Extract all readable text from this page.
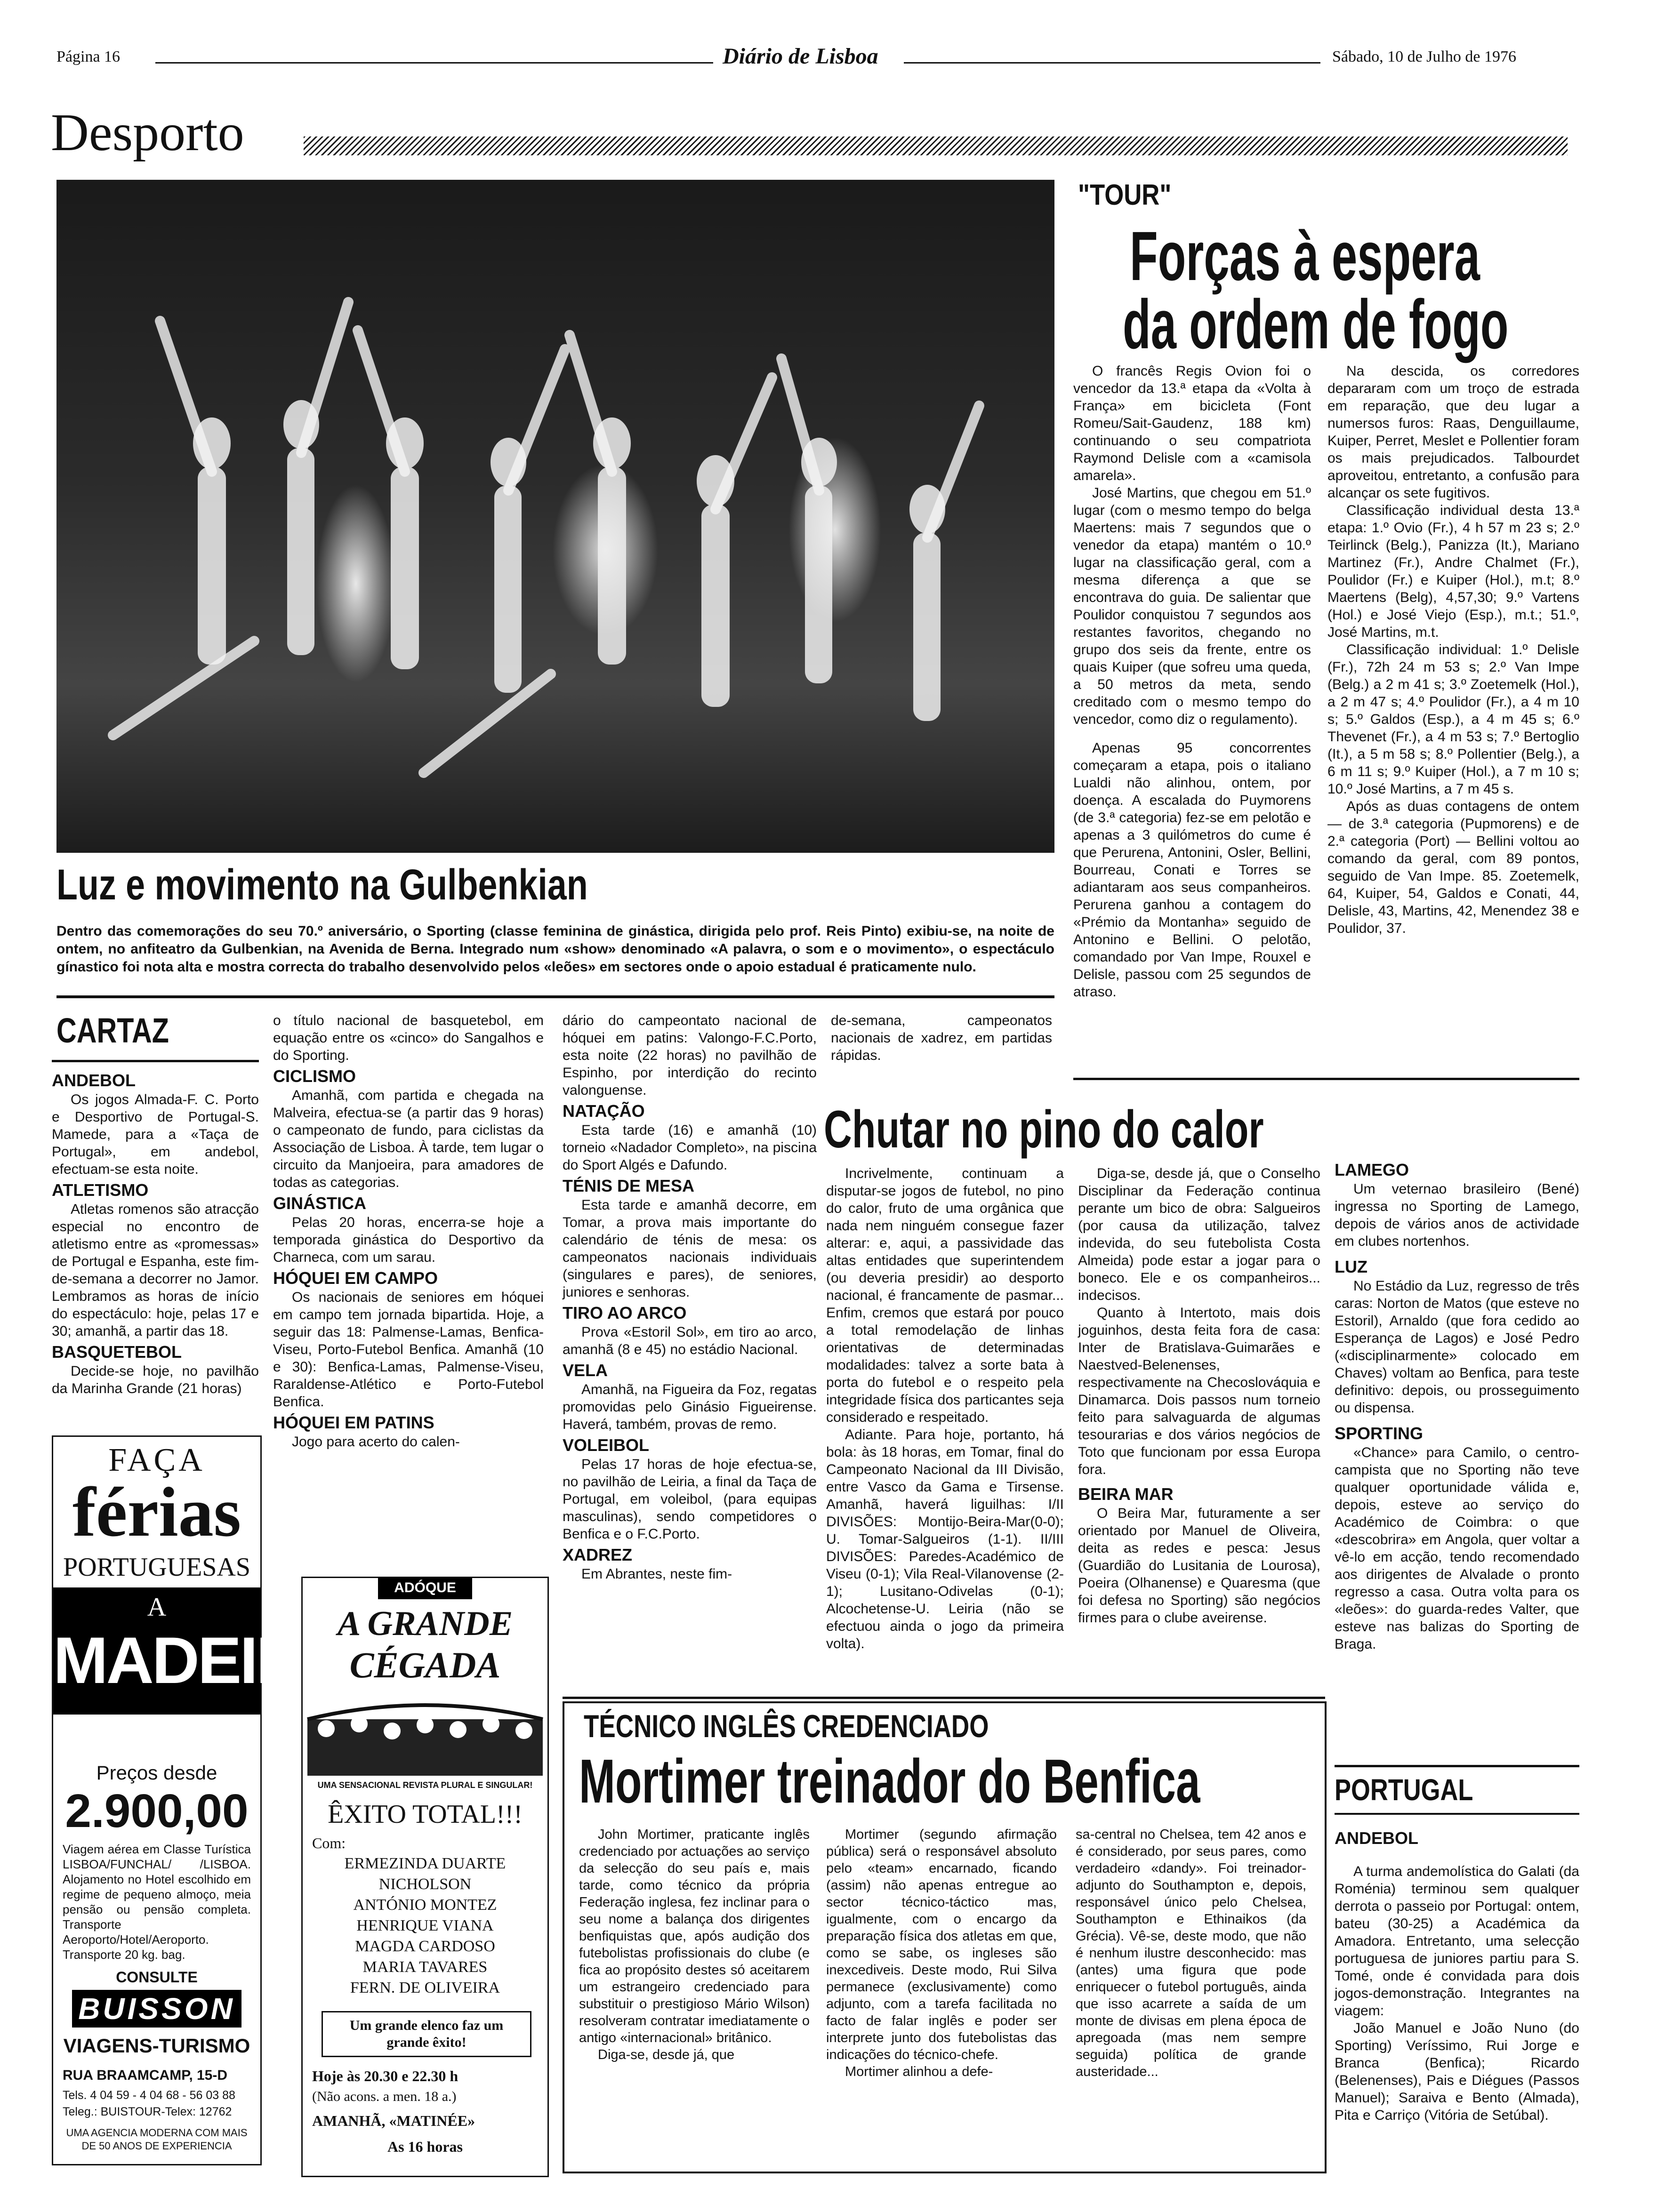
Página 16	Diário de Lisboa	Sábado, 10 de Julho de 1976
Desporto
Luz e movimento na Gulbenkian
Dentro das comemorações do seu 70.º aniversário, o Sporting (classe feminina de ginástica, dirigida pelo prof. Reis Pinto) exibiu-se, na noite de ontem, no anfiteatro da Gulbenkian, na Avenida de Berna. Integrado num «show» denominado «A palavra, o som e o movimento», o espectáculo gínastico foi nota alta e mostra correcta do trabalho desenvolvido pelos «leões» em sectores onde o apoio estadual é praticamente nulo.
"TOUR"
Forças à espera
da ordem de fogo

O francês Regis Ovion foi o vencedor da 13.ª etapa da «Volta à França» em bicicleta (Font Romeu/Sait-Gaudenz, 188 km) continuando o seu compatriota Raymond Delisle com a «camisola amarela».

José Martins, que chegou em 51.º lugar (com o mesmo tempo do belga Maertens: mais 7 segundos que o venedor da etapa) mantém o 10.º lugar na classificação geral, com a mesma diferença a que se encontrava do guia. De salientar que Poulidor conquistou 7 segundos aos restantes favoritos, chegando no grupo dos seis da frente, entre os quais Kuiper (que sofreu uma queda, a 50 metros da meta, sendo creditado com o mesmo tempo do vencedor, como diz o regulamento).

Apenas 95 concorrentes começaram a etapa, pois o italiano Lualdi não alinhou, ontem, por doença. A escalada do Puymorens (de 3.ª categoria) fez-se em pelotão e apenas a 3 quilómetros do cume é que Perurena, Antonini, Osler, Bellini, Bourreau, Conati e Torres se adiantaram aos seus companheiros. Perurena ganhou a contagem do «Prémio da Montanha» seguido de Antonino e Bellini. O pelotão, comandado por Van Impe, Rouxel e Delisle, passou com 25 segundos de atraso.

Na descida, os corredores depararam com um troço de estrada em reparação, que deu lugar a numersos furos: Raas, Denguillaume, Kuiper, Perret, Meslet e Pollentier foram os mais prejudicados. Talbourdet aproveitou, entretanto, a confusão para alcançar os sete fugitivos.

Classificação individual desta 13.ª etapa: 1.º Ovio (Fr.), 4 h 57 m 23 s; 2.º Teirlinck (Belg.), Panizza (It.), Mariano Martinez (Fr.), Andre Chalmet (Fr.), Poulidor (Fr.) e Kuiper (Hol.), m.t; 8.º Maertens (Belg), 4,57,30; 9.º Vartens (Hol.) e José Viejo (Esp.), m.t.; 51.º, José Martins, m.t.

Classificação individual: 1.º Delisle (Fr.), 72h 24 m 53 s; 2.º Van Impe (Belg.) a 2 m 41 s; 3.º Zoetemelk (Hol.), a 2 m 47 s; 4.º Poulidor (Fr.), a 4 m 10 s; 5.º Galdos (Esp.), a 4 m 45 s; 6.º Thevenet (Fr.), a 4 m 53 s; 7.º Bertoglio (It.), a 5 m 58 s; 8.º Pollentier (Belg.), a 6 m 11 s; 9.º Kuiper (Hol.), a 7 m 10 s; 10.º José Martins, a 7 m 45 s.

Após as duas contagens de ontem — de 3.ª categoria (Pupmorens) e de 2.ª categoria (Port) — Bellini voltou ao comando da geral, com 89 pontos, seguido de Van Impe. 85. Zoetemelk, 64, Kuiper, 54, Galdos e Conati, 44, Delisle, 43, Martins, 42, Menendez 38 e Poulidor, 37.

CARTAZ
ANDEBOL

Os jogos Almada-F. C. Porto e Desportivo de Portugal-S. Mamede, para a «Taça de Portugal», em andebol, efectuam-se esta noite.

ATLETISMO

Atletas romenos são atracção especial no encontro de atletismo entre as «promessas» de Portugal e Espanha, este fim-de-semana a decorrer no Jamor. Lembramos as horas de início do espectáculo: hoje, pelas 17 e 30; amanhã, a partir das 18.

BASQUETEBOL

Decide-se hoje, no pavilhão da Marinha Grande (21 horas)

o título nacional de basquetebol, em equação entre os «cinco» do Sangalhos e do Sporting.

CICLISMO

Amanhã, com partida e chegada na Malveira, efectua-se (a partir das 9 horas) o campeonato de fundo, para ciclistas da Associação de Lisboa. À tarde, tem lugar o circuito da Manjoeira, para amadores de todas as categorias.

GINÁSTICA

Pelas 20 horas, encerra-se hoje a temporada ginástica do Desportivo da Charneca, com um sarau.

HÓQUEI EM CAMPO

Os nacionais de seniores em hóquei em campo tem jornada bipartida. Hoje, a seguir das 18: Palmense-Lamas, Benfica-Viseu, Porto-Futebol Benfica. Amanhã (10 e 30): Benfica-Lamas, Palmense-Viseu, Raraldense-Atlético e Porto-Futebol Benfica.

HÓQUEI EM PATINS

Jogo para acerto do calen-

dário do campeontato nacional de hóquei em patins: Valongo-F.C.Porto, esta noite (22 horas) no pavilhão de Espinho, por interdição do recinto valonguense.

NATAÇÃO

Esta tarde (16) e amanhã (10) torneio «Nadador Completo», na piscina do Sport Algés e Dafundo.

TÉNIS DE MESA

Esta tarde e amanhã decorre, em Tomar, a prova mais importante do calendário de ténis de mesa: os campeonatos nacionais individuais (singulares e pares), de seniores, juniores e senhoras.

TIRO AO ARCO

Prova «Estoril Sol», em tiro ao arco, amanhã (8 e 45) no estádio Nacional.

VELA

Amanhã, na Figueira da Foz, regatas promovidas pelo Ginásio Figueirense. Haverá, também, provas de remo.

VOLEIBOL

Pelas 17 horas de hoje efectua-se, no pavilhão de Leiria, a final da Taça de Portugal, em voleibol, (para equipas masculinas), sendo competidores o Benfica e o F.C.Porto.

XADREZ

Em Abrantes, neste fim-

de-semana, campeonatos nacionais de xadrez, em partidas rápidas.

FAÇA
férias
PORTUGUESAS
A
MADEIRA
Preços desde
2.900,00
Viagem aérea em Classe Turística LISBOA/FUNCHAL/ /LISBOA. Alojamento no Hotel escolhido em regime de pequeno almoço, meia pensão ou pensão completa. Transporte Aeroporto/Hotel/Aeroporto. Transporte 20 kg. bag.
CONSULTE
BUISSON
VIAGENS-TURISMO
RUA BRAAMCAMP, 15-D
Tels. 4 04 59 - 4 04 68 - 56 03 88
Teleg.: BUISTOUR-Telex: 12762
UMA AGENCIA MODERNA COM MAIS DE 50 ANOS DE EXPERIENCIA
ADÓQUE
A GRANDE
CÉGADA
UMA SENSACIONAL REVISTA PLURAL E SINGULAR!
ÊXITO TOTAL!!!
Com:
ERMEZINDA DUARTE
NICHOLSON
ANTÓNIO MONTEZ
HENRIQUE VIANA
MAGDA CARDOSO
MARIA TAVARES
FERN. DE OLIVEIRA
Um grande elenco faz um grande êxito!
Hoje às 20.30 e 22.30 h
(Não acons. a men. 18 a.)
AMANHÃ, «MATINÉE»
As 16 horas
Chutar no pino do calor

Incrivelmente, continuam a disputar-se jogos de futebol, no pino do calor, fruto de uma orgânica que nada nem ninguém consegue fazer alterar: e, aqui, a passividade das altas entidades que superintendem (ou deveria presidir) ao desporto nacional, é francamente de pasmar... Enfim, cremos que estará por pouco a total remodelação de linhas orientativas de determinadas modalidades: talvez a sorte bata à porta do futebol e o respeito pela integridade física dos particantes seja considerado e respeitado.

Adiante. Para hoje, portanto, há bola: às 18 horas, em Tomar, final do Campeonato Nacional da III Divisão, entre Vasco da Gama e Tirsense. Amanhã, haverá liguilhas: I/II DIVISÕES: Montijo-Beira-Mar(0-0); U. Tomar-Salgueiros (1-1). II/III DIVISÕES: Paredes-Académico de Viseu (0-1); Vila Real-Vilanovense (2-1); Lusitano-Odivelas (0-1); Alcochetense-U. Leiria (não se efectuou ainda o jogo da primeira volta).

Diga-se, desde já, que o Conselho Disciplinar da Federação continua perante um bico de obra: Salgueiros (por causa da utilização, talvez indevida, do seu futebolista Costa Almeida) pode estar a jogar para o boneco. Ele e os companheiros... indecisos.

Quanto à Intertoto, mais dois joguinhos, desta feita fora de casa: Inter de Bratislava-Guimarães e Naestved-Belenenses, respectivamente na Checoslováquia e Dinamarca. Dois passos num torneio feito para salvaguarda de algumas tesourarias e dos vários negócios de Toto que funcionam por essa Europa fora.

BEIRA MAR

O Beira Mar, futuramente a ser orientado por Manuel de Oliveira, deita as redes e pesca: Jesus (Guardião do Lusitania de Lourosa), Poeira (Olhanense) e Quaresma (que foi defesa no Sporting) são negócios firmes para o clube aveirense.

LAMEGO

Um veternao brasileiro (Bené) ingressa no Sporting de Lamego, depois de vários anos de actividade em clubes nortenhos.

LUZ

No Estádio da Luz, regresso de três caras: Norton de Matos (que esteve no Estoril), Arnaldo (que fora cedido ao Esperança de Lagos) e José Pedro («disciplinarmente» colocado em Chaves) voltam ao Benfica, para teste definitivo: depois, ou prosseguimento ou dispensa.

SPORTING

«Chance» para Camilo, o centro-campista que no Sporting não teve qualquer oportunidade válida e, depois, esteve ao serviço do Académico de Coimbra: o que «descobrira» em Angola, quer voltar a vê-lo em acção, tendo recomendado aos dirigentes de Alvalade o pronto regresso a casa. Outra volta para os «leões»: do guarda-redes Valter, que esteve nas balizas do Sporting de Braga.

PORTUGAL
ANDEBOL

A turma andemolística do Galati (da Roménia) terminou sem qualquer derrota o passeio por Portugal: ontem, bateu (30-25) a Académica da Amadora. Entretanto, uma selecção portuguesa de juniores partiu para S. Tomé, onde é convidada para dois jogos-demonstração. Integrantes na viagem:

João Manuel e João Nuno (do Sporting) Veríssimo, Rui Jorge e Branca (Benfica); Ricardo (Belenenses), Pais e Diégues (Passos Manuel); Saraiva e Bento (Almada), Pita e Carriço (Vitória de Setúbal).

TÉCNICO INGLÊS CREDENCIADO
Mortimer treinador do Benfica

John Mortimer, praticante inglês credenciado por actuações ao serviço da selecção do seu país e, mais tarde, como técnico da própria Federação inglesa, fez inclinar para o seu nome a balança dos dirigentes benfiquistas que, após audição dos futebolistas profissionais do clube (e fica ao propósito destes só aceitarem um estrangeiro credenciado para substituir o prestigioso Mário Wilson) resolveram contratar imediatamente o antigo «internacional» britânico.

Diga-se, desde já, que

Mortimer (segundo afirmação pública) será o responsável absoluto pelo «team» encarnado, ficando (assim) não apenas entregue ao sector técnico-táctico mas, igualmente, com o encargo da preparação física dos atletas em que, como se sabe, os ingleses são inexcediveis. Deste modo, Rui Silva permanece (exclusivamente) como adjunto, com a tarefa facilitada no facto de falar inglês e poder ser interprete junto dos futebolistas das indicações do técnico-chefe.

Mortimer alinhou a defe-

sa-central no Chelsea, tem 42 anos e é considerado, por seus pares, como verdadeiro «dandy». Foi treinador-adjunto do Southampton e, depois, responsável único pelo Chelsea, Southampton e Ethinaikos (da Grécia). Vê-se, deste modo, que não é nenhum ilustre desconhecido: mas (antes) uma figura que pode enriquecer o futebol português, ainda que isso acarrete a saída de um monte de divisas em plena época de apregoada (mas nem sempre seguida) política de grande austeridade...
